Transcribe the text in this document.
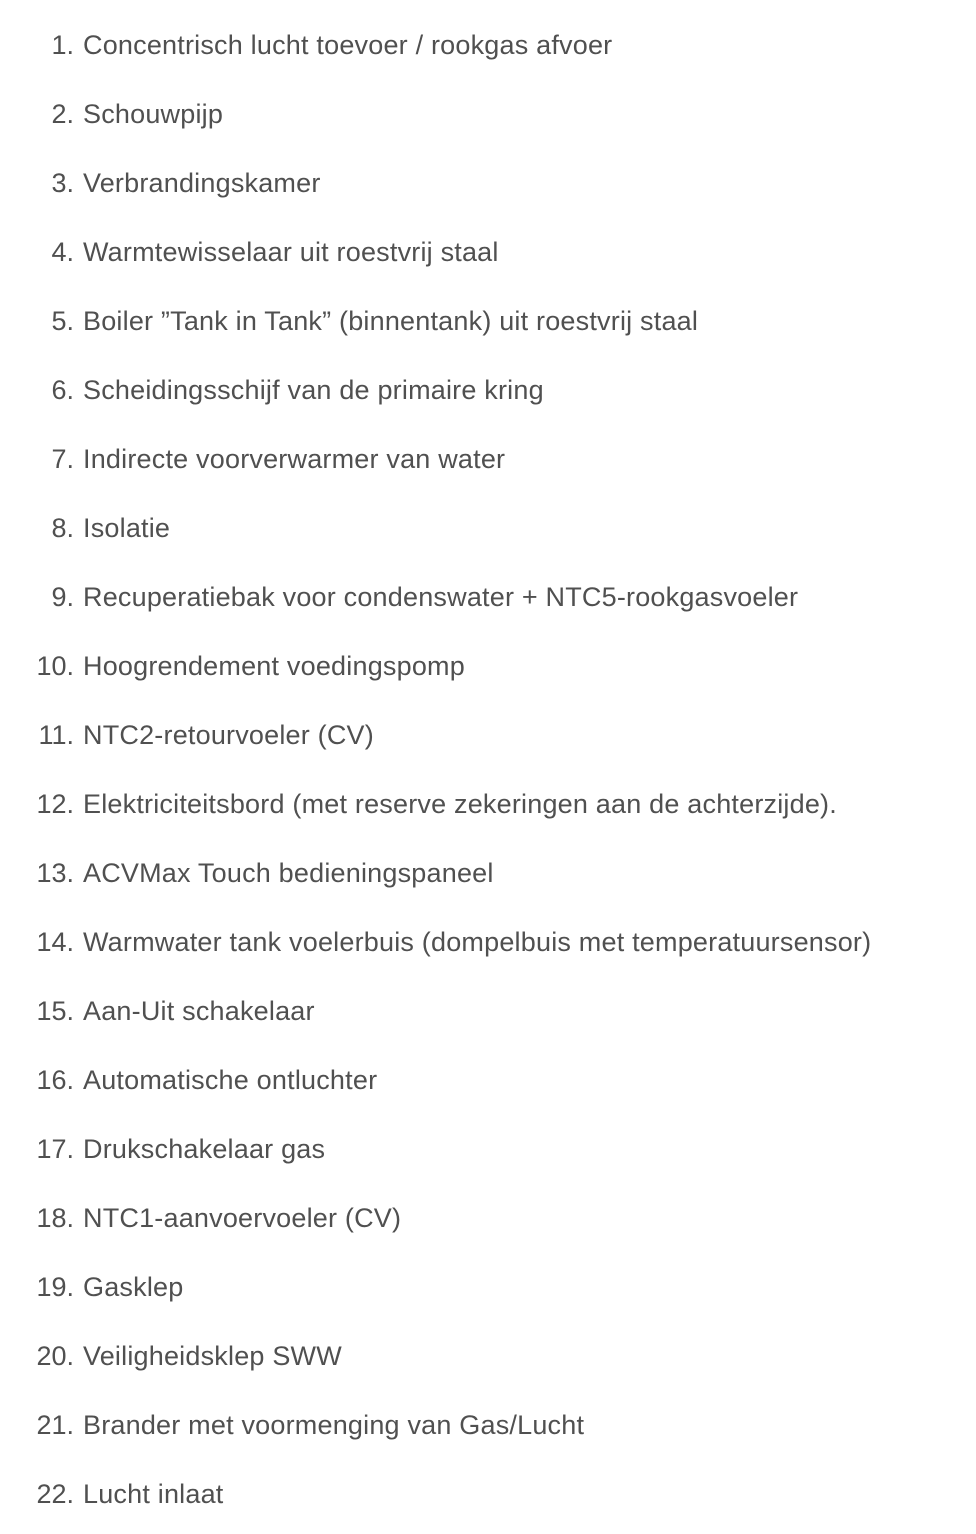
1. Concentrisch lucht toevoer / rookgas afvoer
2. Schouwpijp
3. Verbrandingskamer
4. Warmtewisselaar uit roestvrij staal
5. Boiler ”Tank in Tank” (binnentank) uit roestvrij staal
6. Scheidingsschijf van de primaire kring
7. Indirecte voorverwarmer van water
8. Isolatie
9. Recuperatiebak voor condenswater + NTC5-rookgasvoeler
10. Hoogrendement voedingspomp
11. NTC2-retourvoeler (CV)
12. Elektriciteitsbord (met reserve zekeringen aan de achterzijde).
13. ACVMax Touch bedieningspaneel
14. Warmwater tank voelerbuis (dompelbuis met temperatuursensor)
15. Aan-Uit schakelaar
16. Automatische ontluchter
17. Drukschakelaar gas
18. NTC1-aanvoervoeler (CV)
19. Gasklep
20. Veiligheidsklep SWW
21. Brander met voormenging van Gas/Lucht
22. Lucht inlaat
